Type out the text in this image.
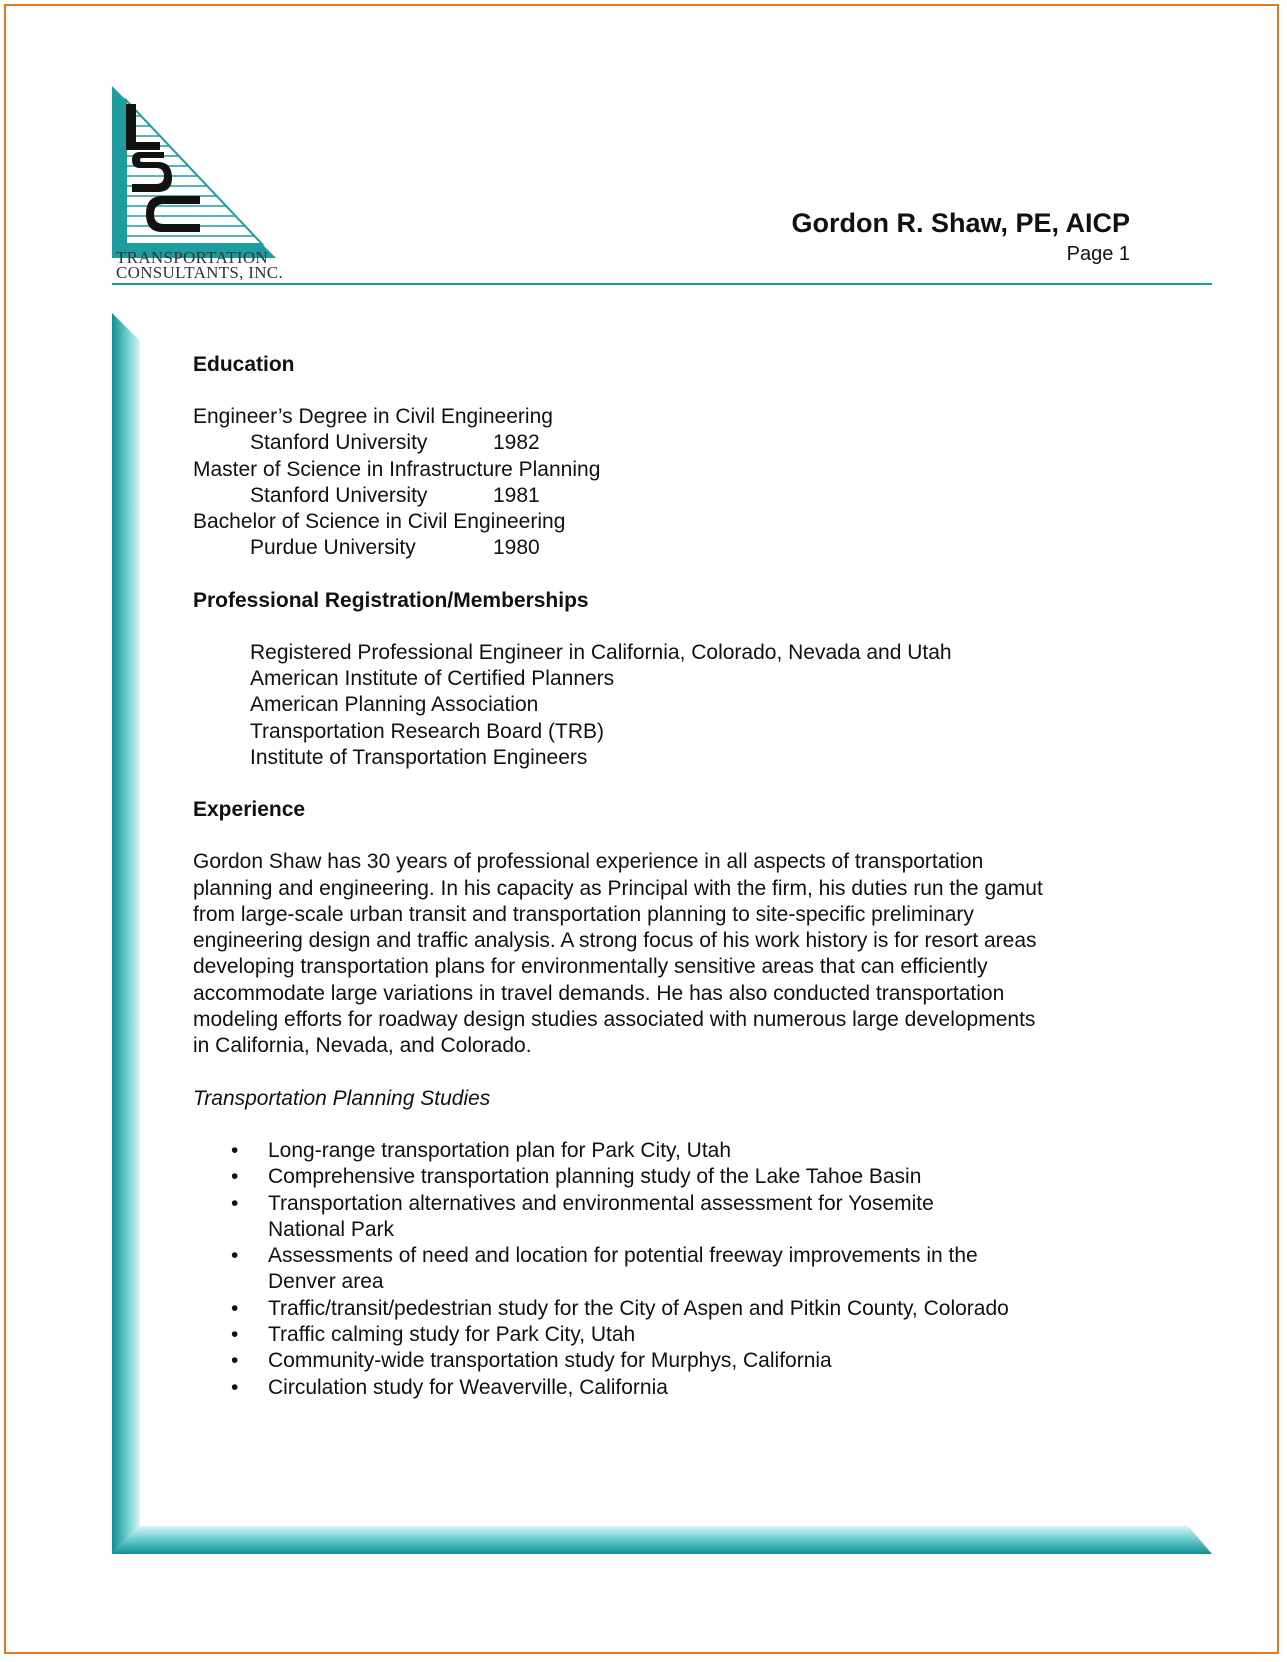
TRANSPORTATION
CONSULTANTS, INC.
Gordon R. Shaw, PE, AICP
Page 1
Education
Engineer’s Degree in Civil Engineering
Stanford University	1982
Master of Science in Infrastructure Planning
Stanford University	1981
Bachelor of Science in Civil Engineering
Purdue University	1980
Professional Registration/Memberships
Registered Professional Engineer in California, Colorado, Nevada and Utah
American Institute of Certified Planners
American Planning Association
Transportation Research Board (TRB)
Institute of Transportation Engineers
Experience
Gordon Shaw has 30 years of professional experience in all aspects of transportation
planning and engineering. In his capacity as Principal with the firm, his duties run the gamut
from large-scale urban transit and transportation planning to site-specific preliminary
engineering design and traffic analysis. A strong focus of his work history is for resort areas
developing transportation plans for environmentally sensitive areas that can efficiently
accommodate large variations in travel demands. He has also conducted transportation
modeling efforts for roadway design studies associated with numerous large developments
in California, Nevada, and Colorado.
Transportation Planning Studies
• Long-range transportation plan for Park City, Utah
• Comprehensive transportation planning study of the Lake Tahoe Basin
• Transportation alternatives and environmental assessment for Yosemite
National Park
• Assessments of need and location for potential freeway improvements in the
Denver area
• Traffic/transit/pedestrian study for the City of Aspen and Pitkin County, Colorado
• Traffic calming study for Park City, Utah
• Community-wide transportation study for Murphys, California
• Circulation study for Weaverville, California
